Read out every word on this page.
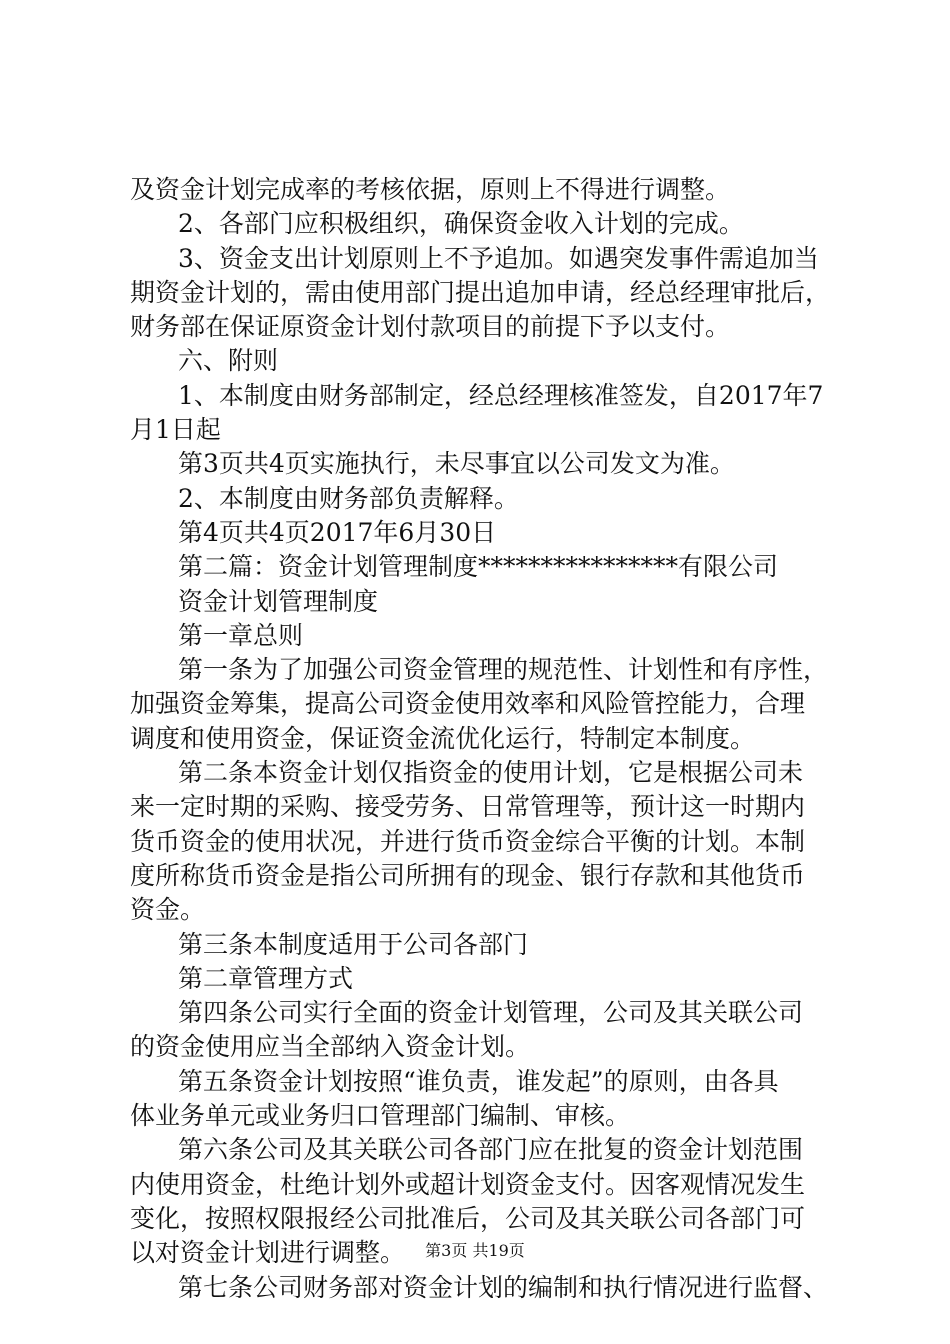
及资金计划完成率的考核依据，原则上不得进行调整。
2、各部门应积极组织，确保资金收入计划的完成。
3、资金支出计划原则上不予追加。如遇突发事件需追加当
期资金计划的，需由使用部门提出追加申请，经总经理审批后，
财务部在保证原资金计划付款项目的前提下予以支付。
六、附则
1、本制度由财务部制定，经总经理核准签发，自2017年7
月1日起
第3页共4页实施执行，未尽事宜以公司发文为准。
2、本制度由财务部负责解释。
第4页共4页2017年6月30日
第二篇：资金计划管理制度****************有限公司
资金计划管理制度
第一章总则
第一条为了加强公司资金管理的规范性、计划性和有序性，
加强资金筹集，提高公司资金使用效率和风险管控能力，合理
调度和使用资金，保证资金流优化运行，特制定本制度。
第二条本资金计划仅指资金的使用计划，它是根据公司未
来一定时期的采购、接受劳务、日常管理等，预计这一时期内
货币资金的使用状况，并进行货币资金综合平衡的计划。本制
度所称货币资金是指公司所拥有的现金、银行存款和其他货币
资金。
第三条本制度适用于公司各部门
第二章管理方式
第四条公司实行全面的资金计划管理，公司及其关联公司
的资金使用应当全部纳入资金计划。
第五条资金计划按照“谁负责，谁发起”的原则，由各具
体业务单元或业务归口管理部门编制、审核。
第六条公司及其关联公司各部门应在批复的资金计划范围
内使用资金，杜绝计划外或超计划资金支付。因客观情况发生
变化，按照权限报经公司批准后，公司及其关联公司各部门可
以对资金计划进行调整。
第七条公司财务部对资金计划的编制和执行情况进行监督、
第3页 共19页
